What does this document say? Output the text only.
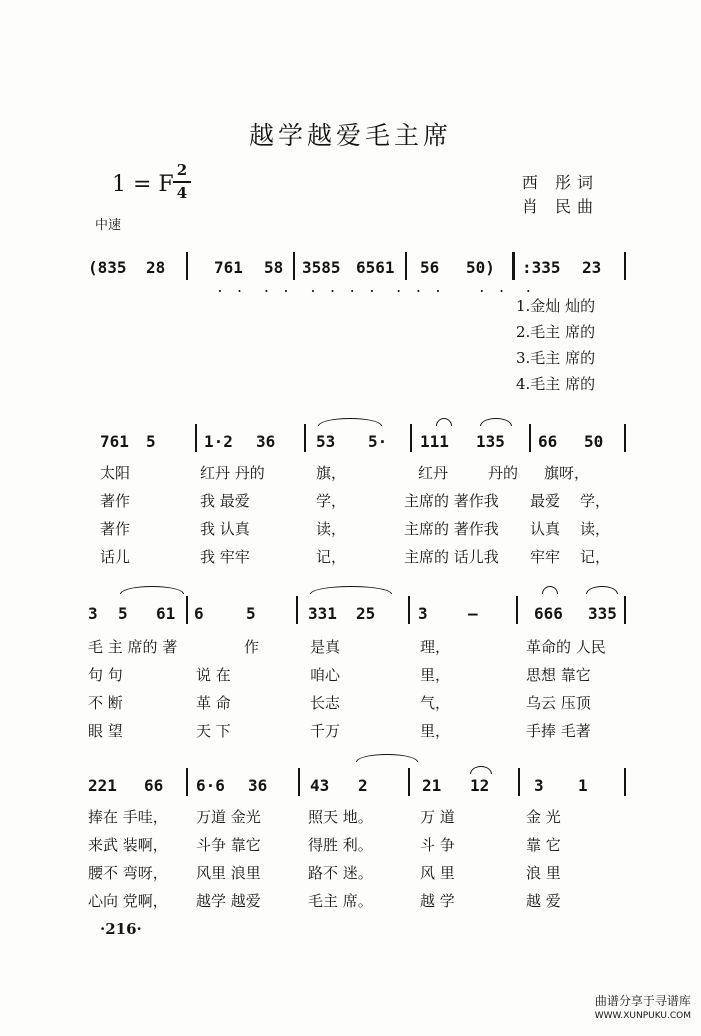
越学越爱毛主席
1 = F
2
4
西 彤词
肖 民曲
中速
(835 28	761 58 3585 6561 56 50) :335 23
· ·　· ·　· · · ·　· · ·　　· ·　·
1.金灿 灿的
2.毛主 席的
3.毛主 席的
4.毛主 席的
761 5	1·2 36	53 5· 111 135 66 50
太阳	红丹 丹的	旗，	红丹	丹的 旗呀，
著作	我 最爱	学，	主席的 著作我 最爱 学，
著作	我 认真	读，	主席的 著作我 认真 读，
话儿	我 牢牢	记，	主席的 话儿我 牢牢 记，
3 5 61 6	5	331 25	3	—	666 335
毛 主 席的 著	作	是真	理，	革命的 人民
句 句	说 在	咱心	里，	思想 靠它
不 断	革 命	长志	气，	乌云 压顶
眼 望	天 下	千万	里，	手捧 毛著
221 66 6·6 36	43 2	21 12	3 1
捧在 手哇， 万道 金光	照天 地。	万 道	金 光
来武 装啊， 斗争 靠它	得胜 利。	斗 争	靠 它
腰不 弯呀， 风里 浪里	路不 迷。	风 里	浪 里
心向 党啊， 越学 越爱	毛主 席。	越 学	越 爱
·216·
曲谱分享于寻谱库
WWW.XUNPUKU.COM
